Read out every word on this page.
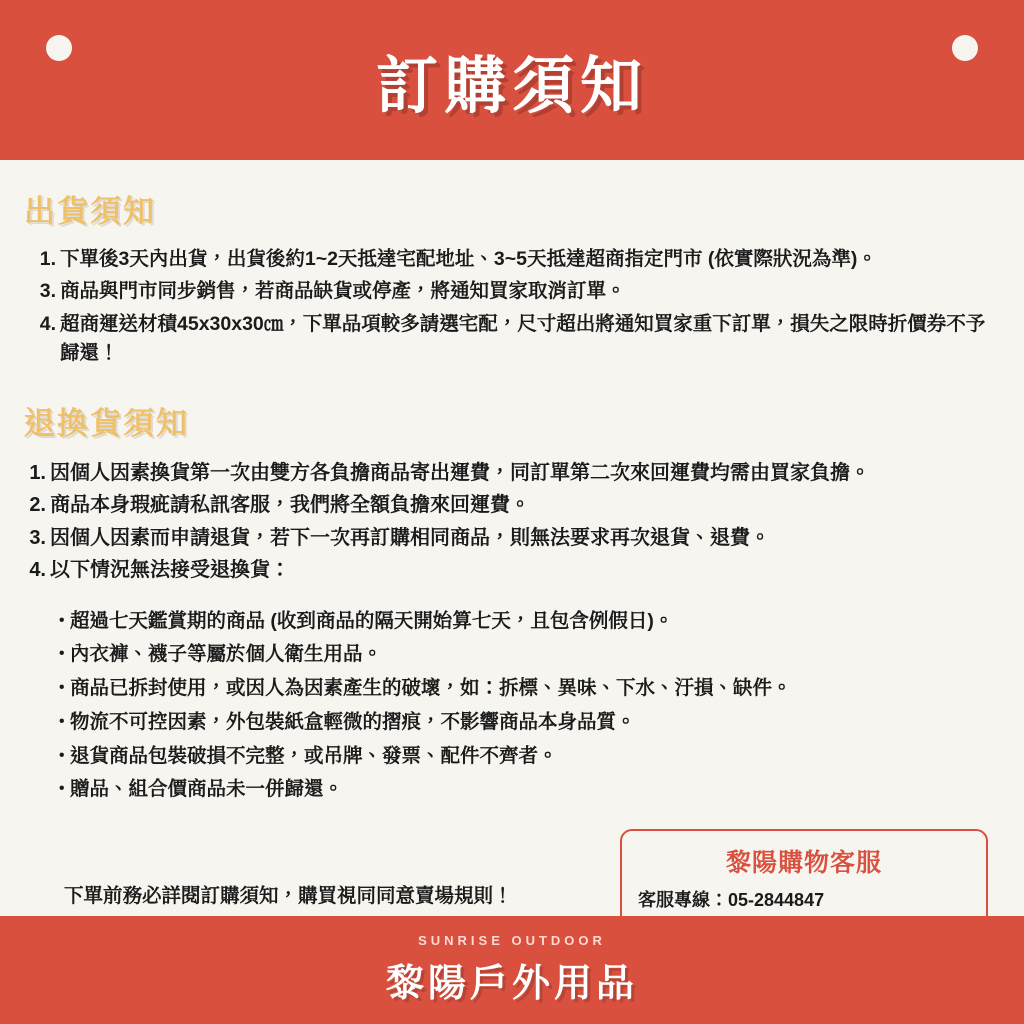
訂購須知
出貨須知
1. 下單後3天內出貨，出貨後約1~2天抵達宅配地址、3~5天抵達超商指定門市 (依實際狀況為準)。
3. 商品與門市同步銷售，若商品缺貨或停產，將通知買家取消訂單。
4. 超商運送材積45x30x30㎝，下單品項較多請選宅配，尺寸超出將通知買家重下訂單，損失之限時折價券不予歸還！
退換貨須知
1. 因個人因素換貨第一次由雙方各負擔商品寄出運費，同訂單第二次來回運費均需由買家負擔。
2. 商品本身瑕疵請私訊客服，我們將全額負擔來回運費。
3. 因個人因素而申請退貨，若下一次再訂購相同商品，則無法要求再次退貨、退費。
4. 以下情況無法接受退換貨：
・
超過七天鑑賞期的商品 (收到商品的隔天開始算七天，且包含例假日)。
・
內衣褲、襪子等屬於個人衛生用品。
・
商品已拆封使用，或因人為因素產生的破壞，如：拆標、異味、下水、汙損、缺件。
・
物流不可控因素，外包裝紙盒輕微的摺痕，不影響商品本身品質。
・
退貨商品包裝破損不完整，或吊牌、發票、配件不齊者。
・
贈品、組合價商品未一併歸還。
下單前務必詳閱訂購須知，購買視同同意賣場規則！
黎陽購物客服
客服專線：05-2844847
SUNRISE OUTDOOR
黎陽戶外用品
